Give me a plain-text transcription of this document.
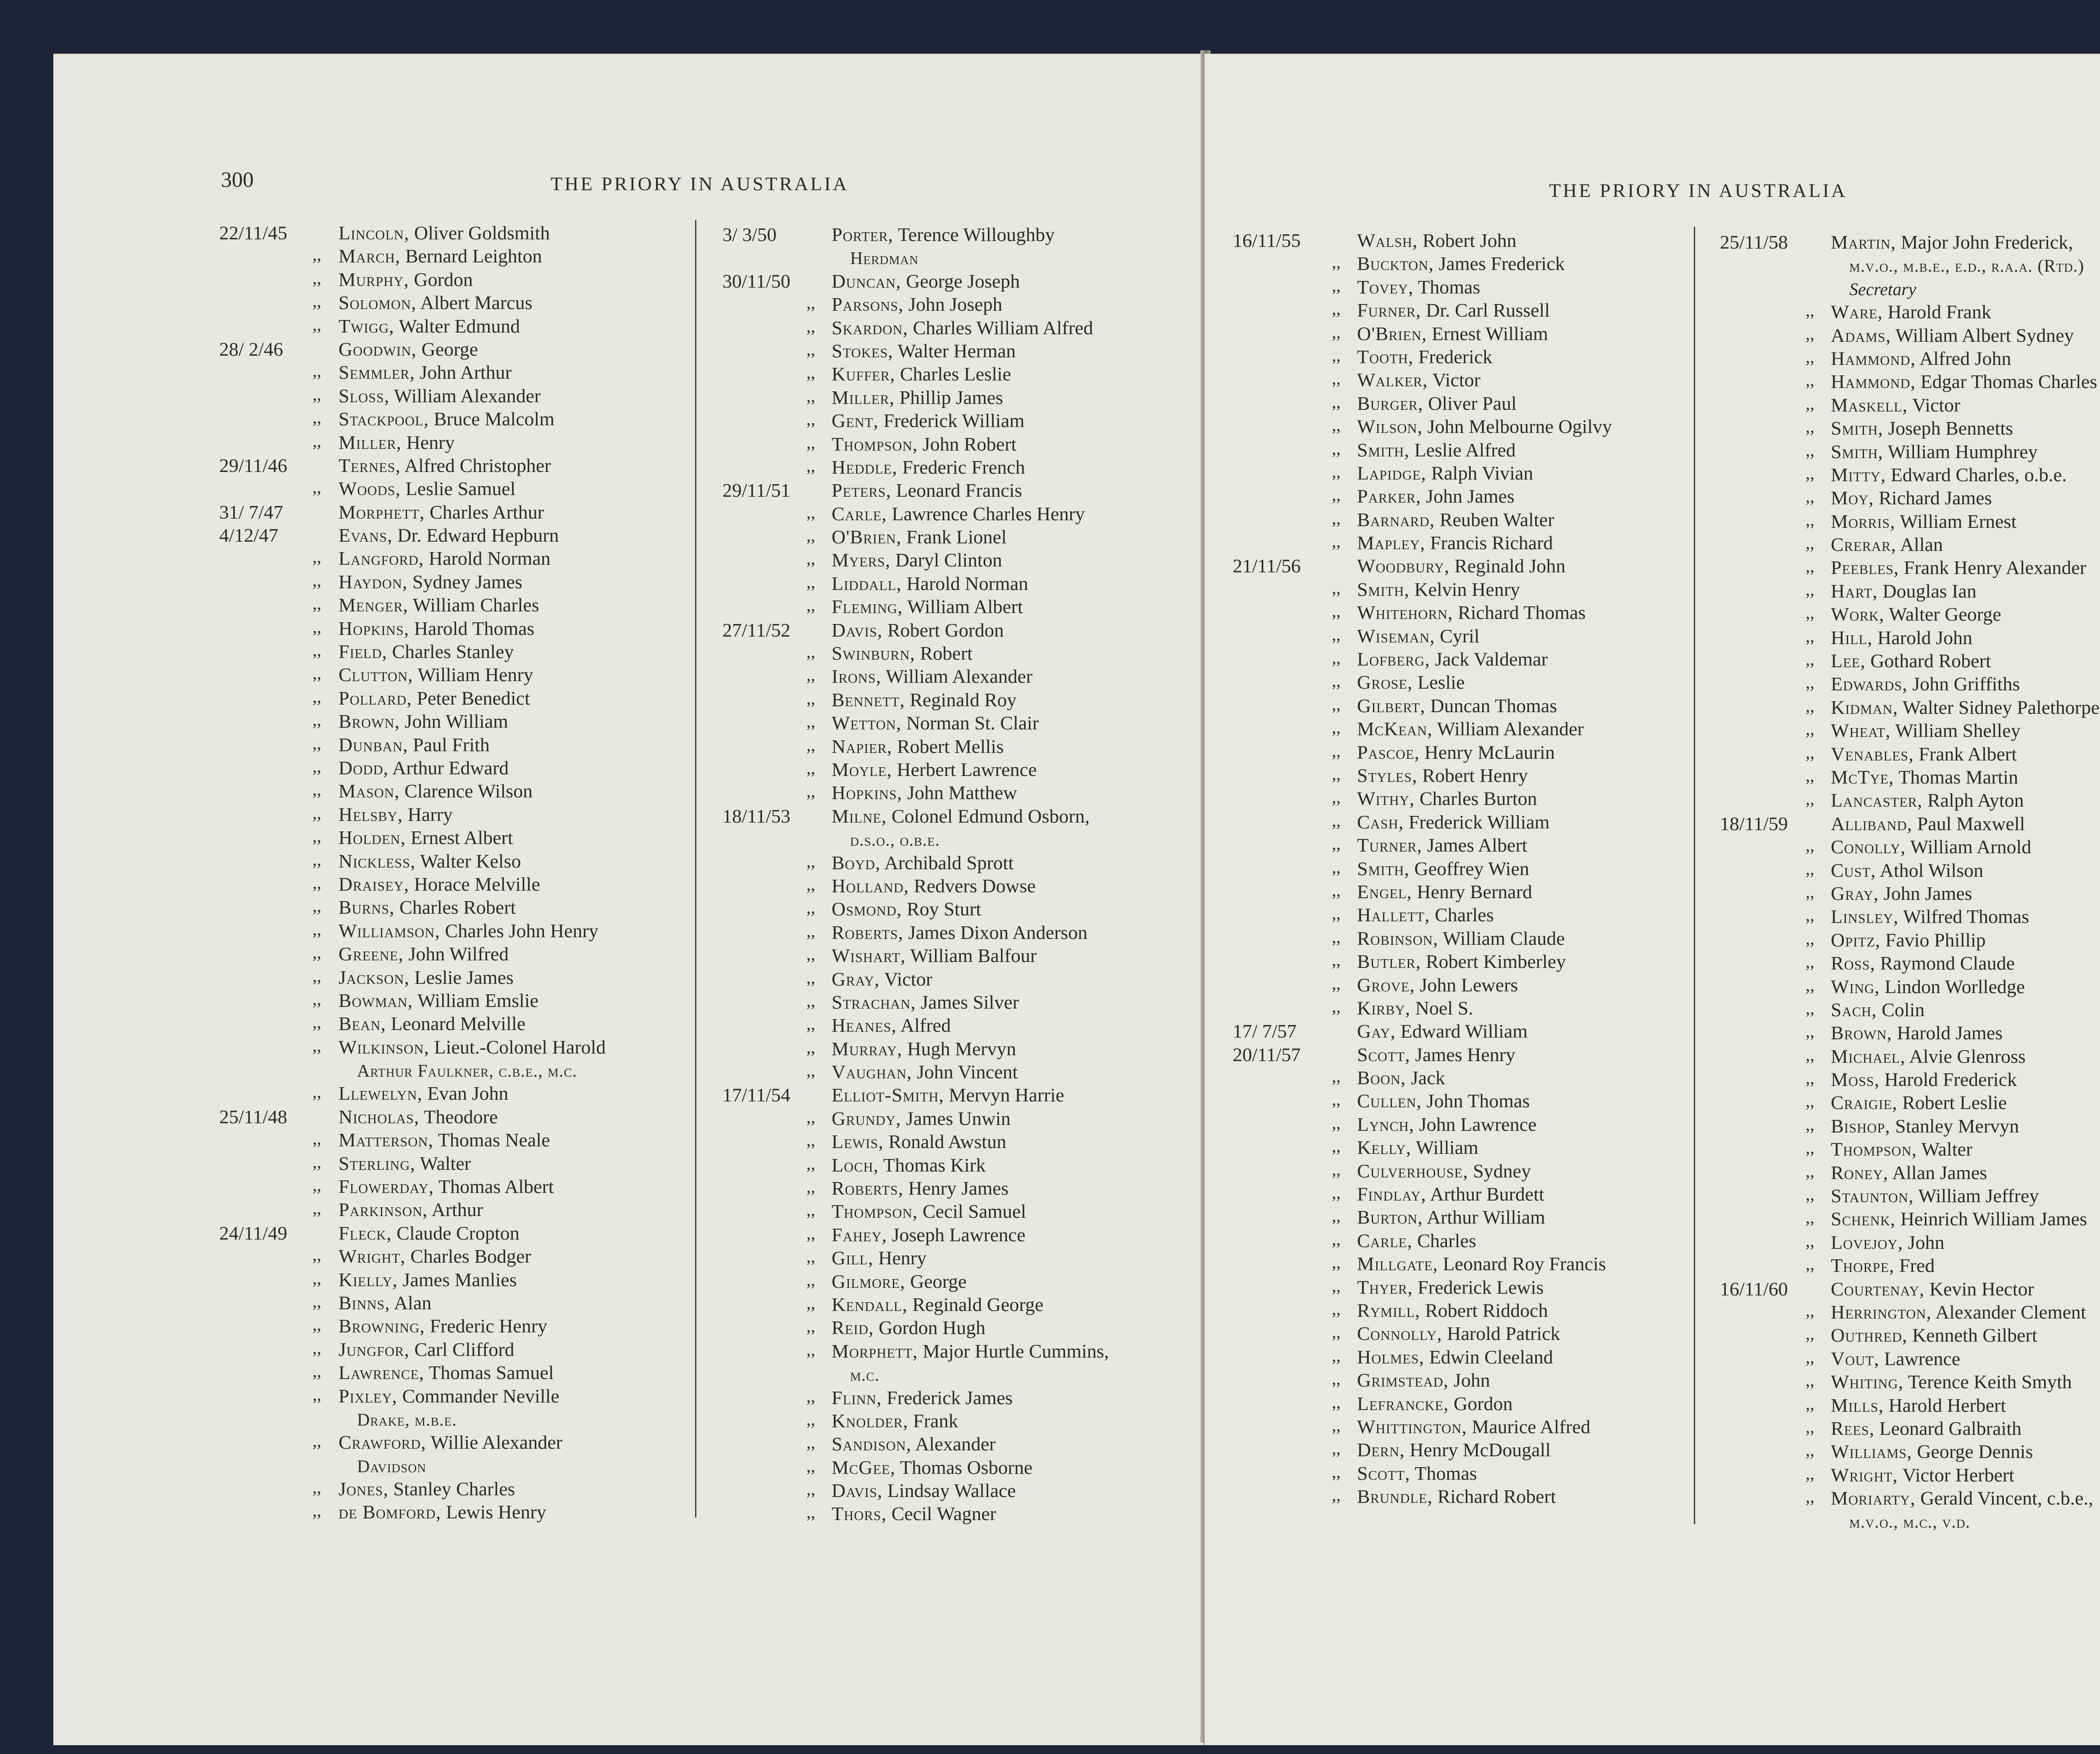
300	THE PRIORY IN AUSTRALIA
22/11/45	Lincoln, Oliver Goldsmith
,, March, Bernard Leighton
,, Murphy, Gordon
,, Solomon, Albert Marcus
,, Twigg, Walter Edmund
28/ 2/46	Goodwin, George
,, Semmler, John Arthur
,, Sloss, William Alexander
,, Stackpool, Bruce Malcolm
,, Miller, Henry
29/11/46	Ternes, Alfred Christopher
,, Woods, Leslie Samuel
31/ 7/47	Morphett, Charles Arthur
4/12/47	Evans, Dr. Edward Hepburn
,, Langford, Harold Norman
,, Haydon, Sydney James
,, Menger, William Charles
,, Hopkins, Harold Thomas
,, Field, Charles Stanley
,, Clutton, William Henry
,, Pollard, Peter Benedict
,, Brown, John William
,, Dunban, Paul Frith
,, Dodd, Arthur Edward
,, Mason, Clarence Wilson
,, Helsby, Harry
,, Holden, Ernest Albert
,, Nickless, Walter Kelso
,, Draisey, Horace Melville
,, Burns, Charles Robert
,, Williamson, Charles John Henry
,, Greene, John Wilfred
,, Jackson, Leslie James
,, Bowman, William Emslie
,, Bean, Leonard Melville
,, Wilkinson, Lieut.-Colonel Harold
Arthur Faulkner, c.b.e., m.c.
,, Llewelyn, Evan John
25/11/48	Nicholas, Theodore
,, Matterson, Thomas Neale
,, Sterling, Walter
,, Flowerday, Thomas Albert
,, Parkinson, Arthur
24/11/49	Fleck, Claude Cropton
,, Wright, Charles Bodger
,, Kielly, James Manlies
,, Binns, Alan
,, Browning, Frederic Henry
,, Jungfor, Carl Clifford
,, Lawrence, Thomas Samuel
,, Pixley, Commander Neville
Drake, m.b.e.
,, Crawford, Willie Alexander
Davidson
,, Jones, Stanley Charles
,, de Bomford, Lewis Henry
3/ 3/50	Porter, Terence Willoughby
Herdman
30/11/50 Duncan, George Joseph
,, Parsons, John Joseph
,, Skardon, Charles William Alfred
,, Stokes, Walter Herman
,, Kuffer, Charles Leslie
,, Miller, Phillip James
,, Gent, Frederick William
,, Thompson, John Robert
,, Heddle, Frederic French
29/11/51 Peters, Leonard Francis
,, Carle, Lawrence Charles Henry
,, O'Brien, Frank Lionel
,, Myers, Daryl Clinton
,, Liddall, Harold Norman
,, Fleming, William Albert
27/11/52 Davis, Robert Gordon
,, Swinburn, Robert
,, Irons, William Alexander
,, Bennett, Reginald Roy
,, Wetton, Norman St. Clair
,, Napier, Robert Mellis
,, Moyle, Herbert Lawrence
,, Hopkins, John Matthew
18/11/53 Milne, Colonel Edmund Osborn,
d.s.o., o.b.e.
,, Boyd, Archibald Sprott
,, Holland, Redvers Dowse
,, Osmond, Roy Sturt
,, Roberts, James Dixon Anderson
,, Wishart, William Balfour
,, Gray, Victor
,, Strachan, James Silver
,, Heanes, Alfred
,, Murray, Hugh Mervyn
,, Vaughan, John Vincent
17/11/54 Elliot-Smith, Mervyn Harrie
,, Grundy, James Unwin
,, Lewis, Ronald Awstun
,, Loch, Thomas Kirk
,, Roberts, Henry James
,, Thompson, Cecil Samuel
,, Fahey, Joseph Lawrence
,, Gill, Henry
,, Gilmore, George
,, Kendall, Reginald George
,, Reid, Gordon Hugh
,, Morphett, Major Hurtle Cummins,
m.c.
,, Flinn, Frederick James
,, Knolder, Frank
,, Sandison, Alexander
,, McGee, Thomas Osborne
,, Davis, Lindsay Wallace
,, Thors, Cecil Wagner
THE PRIORY IN AUSTRALIA
16/11/55	Walsh, Robert John
,, Buckton, James Frederick
,, Tovey, Thomas
,, Furner, Dr. Carl Russell
,, O'Brien, Ernest William
,, Tooth, Frederick
,, Walker, Victor
,, Burger, Oliver Paul
,, Wilson, John Melbourne Ogilvy
,, Smith, Leslie Alfred
,, Lapidge, Ralph Vivian
,, Parker, John James
,, Barnard, Reuben Walter
,, Mapley, Francis Richard
21/11/56	Woodbury, Reginald John
,, Smith, Kelvin Henry
,, Whitehorn, Richard Thomas
,, Wiseman, Cyril
,, Lofberg, Jack Valdemar
,, Grose, Leslie
,, Gilbert, Duncan Thomas
,, McKean, William Alexander
,, Pascoe, Henry McLaurin
,, Styles, Robert Henry
,, Withy, Charles Burton
,, Cash, Frederick William
,, Turner, James Albert
,, Smith, Geoffrey Wien
,, Engel, Henry Bernard
,, Hallett, Charles
,, Robinson, William Claude
,, Butler, Robert Kimberley
,, Grove, John Lewers
,, Kirby, Noel S.
17/ 7/57	Gay, Edward William
20/11/57	Scott, James Henry
,, Boon, Jack
,, Cullen, John Thomas
,, Lynch, John Lawrence
,, Kelly, William
,, Culverhouse, Sydney
,, Findlay, Arthur Burdett
,, Burton, Arthur William
,, Carle, Charles
,, Millgate, Leonard Roy Francis
,, Thyer, Frederick Lewis
,, Rymill, Robert Riddoch
,, Connolly, Harold Patrick
,, Holmes, Edwin Cleeland
,, Grimstead, John
,, Lefrancke, Gordon
,, Whittington, Maurice Alfred
,, Dern, Henry McDougall
,, Scott, Thomas
,, Brundle, Richard Robert
25/11/58 Martin, Major John Frederick,
m.v.o., m.b.e., e.d., r.a.a. (Rtd.)
Secretary
,, Ware, Harold Frank
,, Adams, William Albert Sydney
,, Hammond, Alfred John
,, Hammond, Edgar Thomas Charles
,, Maskell, Victor
,, Smith, Joseph Bennetts
,, Smith, William Humphrey
,, Mitty, Edward Charles, o.b.e.
,, Moy, Richard James
,, Morris, William Ernest
,, Crerar, Allan
,, Peebles, Frank Henry Alexander
,, Hart, Douglas Ian
,, Work, Walter George
,, Hill, Harold John
,, Lee, Gothard Robert
,, Edwards, John Griffiths
,, Kidman, Walter Sidney Palethorpe
,, Wheat, William Shelley
,, Venables, Frank Albert
,, McTye, Thomas Martin
,, Lancaster, Ralph Ayton
18/11/59 Alliband, Paul Maxwell
,, Conolly, William Arnold
,, Cust, Athol Wilson
,, Gray, John James
,, Linsley, Wilfred Thomas
,, Opitz, Favio Phillip
,, Ross, Raymond Claude
,, Wing, Lindon Worlledge
,, Sach, Colin
,, Brown, Harold James
,, Michael, Alvie Glenross
,, Moss, Harold Frederick
,, Craigie, Robert Leslie
,, Bishop, Stanley Mervyn
,, Thompson, Walter
,, Roney, Allan James
,, Staunton, William Jeffrey
,, Schenk, Heinrich William James
,, Lovejoy, John
,, Thorpe, Fred
16/11/60 Courtenay, Kevin Hector
,, Herrington, Alexander Clement
,, Outhred, Kenneth Gilbert
,, Vout, Lawrence
,, Whiting, Terence Keith Smyth
,, Mills, Harold Herbert
,, Rees, Leonard Galbraith
,, Williams, George Dennis
,, Wright, Victor Herbert
,, Moriarty, Gerald Vincent, c.b.e.,
m.v.o., m.c., v.d.
